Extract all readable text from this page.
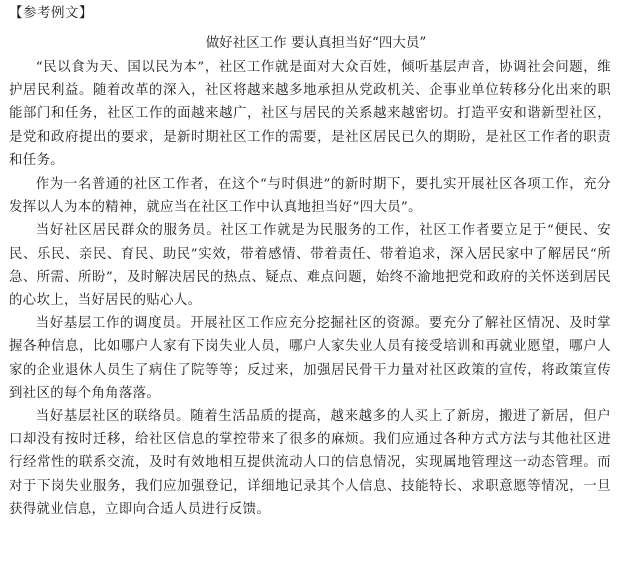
【参考例文】
做好社区工作 要认真担当好“四大员”

“民以食为天、国以民为本”，社区工作就是面对大众百姓，倾听基层声音，协调社会问题，维护居民利益。随着改革的深入，社区将越来越多地承担从党政机关、企事业单位转移分化出来的职能部门和任务，社区工作的面越来越广，社区与居民的关系越来越密切。打造平安和谐新型社区，是党和政府提出的要求，是新时期社区工作的需要，是社区居民已久的期盼，是社区工作者的职责和任务。

作为一名普通的社区工作者，在这个“与时俱进”的新时期下，要扎实开展社区各项工作，充分发挥以人为本的精神，就应当在社区工作中认真地担当好“四大员”。

当好社区居民群众的服务员。社区工作就是为民服务的工作，社区工作者要立足于“便民、安民、乐民、亲民、育民、助民”实效，带着感情、带着责任、带着追求，深入居民家中了解居民“所急、所需、所盼”，及时解决居民的热点、疑点、难点问题，始终不渝地把党和政府的关怀送到居民的心坎上，当好居民的贴心人。

当好基层工作的调度员。开展社区工作应充分挖掘社区的资源。要充分了解社区情况、及时掌握各种信息，比如哪户人家有下岗失业人员，哪户人家失业人员有接受培训和再就业愿望，哪户人家的企业退休人员生了病住了院等等；反过来，加强居民骨干力量对社区政策的宣传，将政策宣传到社区的每个角角落落。

当好基层社区的联络员。随着生活品质的提高，越来越多的人买上了新房，搬进了新居，但户口却没有按时迁移，给社区信息的掌控带来了很多的麻烦。我们应通过各种方式方法与其他社区进行经常性的联系交流，及时有效地相互提供流动人口的信息情况，实现属地管理这一动态管理。而对于下岗失业服务，我们应加强登记，详细地记录其个人信息、技能特长、求职意愿等情况，一旦获得就业信息，立即向合适人员进行反馈。
